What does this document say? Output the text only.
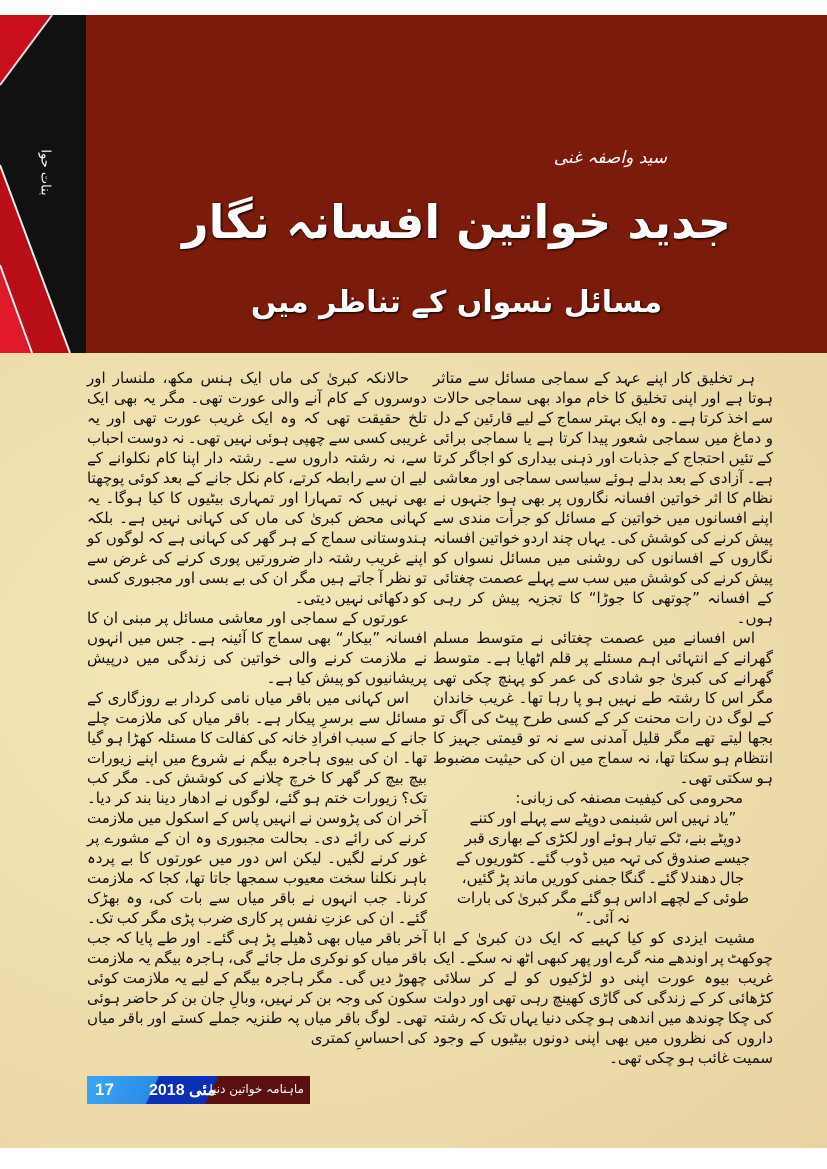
بنات حوا	سید واصفہ غنی
جدید خواتین افسانہ نگار
مسائل نسواں کے تناظر میں

ہر تخلیق کار اپنے عہد کے سماجی مسائل سے متاثر ہوتا ہے اور اپنی تخلیق کا خام مواد بھی سماجی حالات سے اخذ کرتا ہے۔ وہ ایک بہتر سماج کے لیے قارئین کے دل و دماغ میں سماجی شعور پیدا کرتا ہے یا سماجی برائی کے تئیں احتجاج کے جذبات اور ذہنی بیداری کو اجاگر کرتا ہے۔ آزادی کے بعد بدلے ہوئے سیاسی سماجی اور معاشی نظام کا اثر خواتین افسانہ نگاروں پر بھی ہوا جنہوں نے اپنے افسانوں میں خواتین کے مسائل کو جرأت مندی سے پیش کرنے کی کوشش کی۔ یہاں چند اردو خواتین افسانہ نگاروں کے افسانوں کی روشنی میں مسائل نسواں کو پیش کرنے کی کوشش میں سب سے پہلے عصمت چغتائی کے افسانہ ”چوتھی کا جوڑا“ کا تجزیہ پیش کر رہی ہوں۔

اس افسانے میں عصمت چغتائی نے متوسط مسلم گھرانے کے انتہائی اہم مسئلے پر قلم اٹھایا ہے۔ متوسط گھرانے کی کبریٰ جو شادی کی عمر کو پہنچ چکی تھی مگر اس کا رشتہ طے نہیں ہو پا رہا تھا۔ غریب خاندان کے لوگ دن رات محنت کر کے کسی طرح پیٹ کی آگ تو بجھا لیتے تھے مگر قلیل آمدنی سے نہ تو قیمتی جہیز کا انتظام ہو سکتا تھا، نہ سماج میں ان کی حیثیت مضبوط ہو سکتی تھی۔

محرومی کی کیفیت مصنفہ کی زبانی:

”یاد نہیں اس شبنمی دوپٹے سے پہلے اور کتنے دوپٹے بنے، ٹکے تیار ہوئے اور لکڑی کے بھاری قبر جیسے صندوق کی تہہ میں ڈوب گئے۔ کٹوریوں کے جال دھندلا گئے۔ گنگا جمنی کوریں ماند پڑ گئیں، طوئی کے لچھے اداس ہو گئے مگر کبریٰ کی بارات نہ آئی۔“

مشیت ایزدی کو کیا کہیے کہ ایک دن کبریٰ کے ابا چوکھٹ پر اوندھے منہ گرے اور پھر کبھی اٹھ نہ سکے۔ ایک غریب بیوہ عورت اپنی دو لڑکیوں کو لے کر سلائی کڑھائی کر کے زندگی کی گاڑی کھینچ رہی تھی اور دولت کی چکا چوندھ میں اندھی ہو چکی دنیا یہاں تک کہ رشتہ داروں کی نظروں میں بھی اپنی دونوں بیٹیوں کے وجود سمیت غائب ہو چکی تھی۔

حالانکہ کبریٰ کی ماں ایک ہنس مکھ، ملنسار اور دوسروں کے کام آنے والی عورت تھی۔ مگر یہ بھی ایک تلخ حقیقت تھی کہ وہ ایک غریب عورت تھی اور یہ غریبی کسی سے چھپی ہوئی نہیں تھی۔ نہ دوست احباب سے، نہ رشتہ داروں سے۔ رشتہ دار اپنا کام نکلوانے کے لیے ان سے رابطہ کرتے، کام نکل جانے کے بعد کوئی پوچھتا بھی نہیں کہ تمہارا اور تمہاری بیٹیوں کا کیا ہوگا۔ یہ کہانی محض کبریٰ کی ماں کی کہانی نہیں ہے۔ بلکہ ہندوستانی سماج کے ہر گھر کی کہانی ہے کہ لوگوں کو اپنے غریب رشتہ دار ضرورتیں پوری کرنے کی غرض سے تو نظر آ جاتے ہیں مگر ان کی بے بسی اور مجبوری کسی کو دکھائی نہیں دیتی۔

عورتوں کے سماجی اور معاشی مسائل پر مبنی ان کا افسانہ ”بیکار“ بھی سماج کا آئینہ ہے۔ جس میں انہوں نے ملازمت کرنے والی خواتین کی زندگی میں درپیش پریشانیوں کو پیش کیا ہے۔

اس کہانی میں باقر میاں نامی کردار بے روزگاری کے مسائل سے برسرِ پیکار ہے۔ باقر میاں کی ملازمت چلے جانے کے سبب افرادِ خانہ کی کفالت کا مسئلہ کھڑا ہو گیا تھا۔ ان کی بیوی ہاجرہ بیگم نے شروع میں اپنے زیورات بیچ بیچ کر گھر کا خرچ چلانے کی کوشش کی۔ مگر کب تک؟ زیورات ختم ہو گئے، لوگوں نے ادھار دینا بند کر دیا۔ آخر ان کی پڑوسن نے انہیں پاس کے اسکول میں ملازمت کرنے کی رائے دی۔ بحالت مجبوری وہ ان کے مشورے پر غور کرنے لگیں۔ لیکن اس دور میں عورتوں کا بے پردہ باہر نکلنا سخت معیوب سمجھا جاتا تھا، کجا کہ ملازمت کرنا۔ جب انہوں نے باقر میاں سے بات کی، وہ بھڑک گئے۔ ان کی عزتِ نفس پر کاری ضرب پڑی مگر کب تک۔ آخر باقر میاں بھی ڈھیلے پڑ ہی گئے۔ اور طے پایا کہ جب باقر میاں کو نوکری مل جائے گی، ہاجرہ بیگم یہ ملازمت چھوڑ دیں گی۔ مگر ہاجرہ بیگم کے لیے یہ ملازمت کوئی سکون کی وجہ بن کر نہیں، وبالِ جان بن کر حاضر ہوئی تھی۔ لوگ باقر میاں پہ طنزیہ جملے کستے اور باقر میاں کی احساسِ کمتری

17 مئی 2018
ماہنامہ خواتین دنیا
